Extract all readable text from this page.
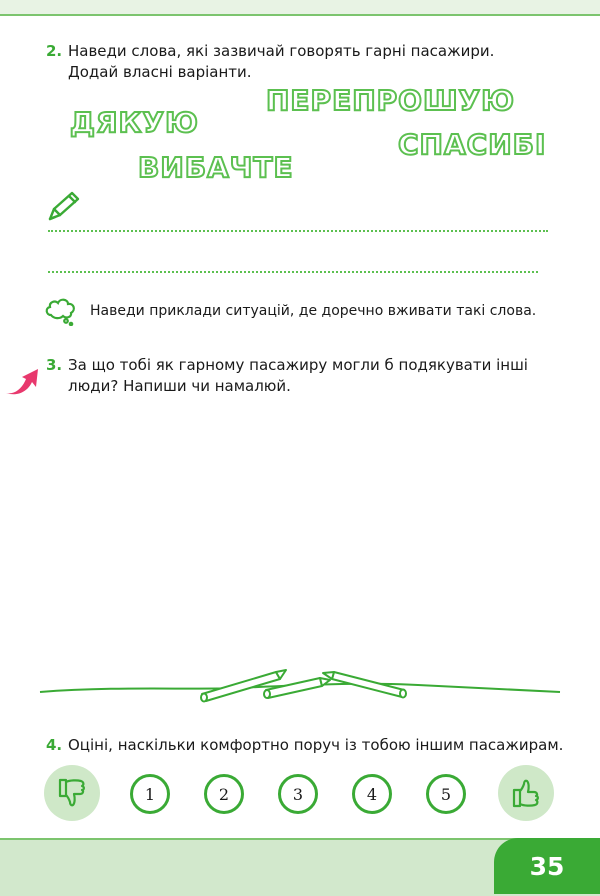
2. Наведи слова, які зазвичай говорять гарні пасажири. Додай власні варіанти.
ПЕРЕПРОШУЮ
ДЯКУЮ
СПАСИБІ
ВИБАЧТЕ
Наведи приклади ситуацій, де доречно вживати такі слова.
3. За що тобі як гарному пасажиру могли б подякувати інші люди? Напиши чи намалюй.
4. Оціні, наскільки комфортно поруч із тобою іншим пасажирам.
1	2	3	4	5
35
